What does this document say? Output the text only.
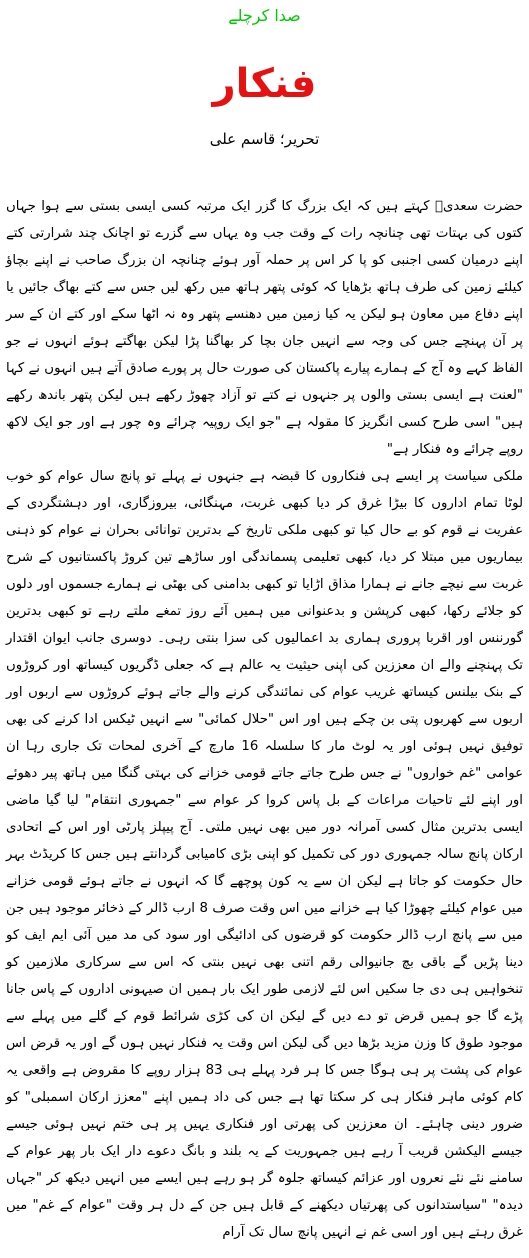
صدا کرچلے
فنکار
تحریر؛ قاسم علی

حضرت سعدیؒ کہتے ہیں کہ ایک بزرگ کا گزر ایک مرتبہ کسی ایسی بستی سے ہوا جہاں کتوں کی بہتات تھی چنانچہ رات کے وقت جب وہ یہاں سے گزرے تو اچانک چند شرارتی کتے اپنے درمیان کسی اجنبی کو پا کر اس پر حملہ آور ہوئے چنانچہ ان بزرگ صاحب نے اپنے بچاؤ کیلئے زمین کی طرف ہاتھ بڑھایا کہ کوئی پتھر ہاتھ میں رکھ لیں جس سے کتے بھاگ جائیں یا اپنے دفاع میں معاون ہو لیکن یہ کیا زمین میں دھنسے پتھر وہ نہ اٹھا سکے اور کتے ان کے سر پر آن پہنچے جس کی وجہ سے انہیں جان بچا کر بھاگنا پڑا لیکن بھاگتے ہوئے انہوں نے جو الفاظ کہے وہ آج کے ہمارے پیارے پاکستان کی صورت حال پر پورے صادق آتے ہیں انہوں نے کہا "لعنت ہے ایسی بستی والوں پر جنہوں نے کتے تو آزاد چھوڑ رکھے ہیں لیکن پتھر باندھ رکھے ہیں" اسی طرح کسی انگریز کا مقولہ ہے "جو ایک روپیہ چرائے وہ چور ہے اور جو ایک لاکھ روپے چرائے وہ فنکار ہے"

ملکی سیاست پر ایسے ہی فنکاروں کا قبضہ ہے جنہوں نے پہلے تو پانچ سال عوام کو خوب لوٹا تمام اداروں کا بیڑا غرق کر دیا کبھی غربت، مہنگائی، بیروزگاری، اور دہشتگردی کے عفریت نے قوم کو بے حال کیا تو کبھی ملکی تاریخ کے بدترین توانائی بحران نے عوام کو ذہنی بیماریوں میں مبتلا کر دیا، کبھی تعلیمی پسماندگی اور ساڑھے تین کروڑ پاکستانیوں کے شرح غربت سے نیچے جانے نے ہمارا مذاق اڑایا تو کبھی بدامنی کی بھٹی نے ہمارے جسموں اور دلوں کو جلائے رکھا، کبھی کرپشن و بدعنوانی میں ہمیں آئے روز تمغے ملتے رہے تو کبھی بدترین گورننس اور اقربا پروری ہماری بد اعمالیوں کی سزا بنتی رہی۔ دوسری جانب ایوان اقتدار تک پہنچنے والے ان معززین کی اپنی حیثیت یہ عالم ہے کہ جعلی ڈگریوں کیساتھ اور کروڑوں کے بنک بیلنس کیساتھ غریب عوام کی نمائندگی کرنے والے جاتے ہوئے کروڑوں سے اربوں اور اربوں سے کھربوں پتی بن چکے ہیں اور اس "حلال کمائی" سے انہیں ٹیکس ادا کرنے کی بھی توفیق نہیں ہوئی اور یہ لوٹ مار کا سلسلہ 16 مارچ کے آخری لمحات تک جاری رہا ان عوامی "غم خواروں" نے جس طرح جاتے جاتے قومی خزانے کی بہتی گنگا میں ہاتھ پیر دھوئے اور اپنے لئے تاحیات مراعات کے بل پاس کروا کر عوام سے "جمہوری انتقام" لیا گیا ماضی ایسی بدترین مثال کسی آمرانہ دور میں بھی نہیں ملتی۔ آج پیپلز پارٹی اور اس کے اتحادی ارکان پانچ سالہ جمہوری دور کی تکمیل کو اپنی بڑی کامیابی گردانتے ہیں جس کا کریڈٹ بہر حال حکومت کو جاتا ہے لیکن ان سے یہ کون پوچھے گا کہ انہوں نے جاتے ہوئے قومی خزانے میں عوام کیلئے چھوڑا کیا ہے خزانے میں اس وقت صرف 8 ارب ڈالر کے ذخائر موجود ہیں جن میں سے پانچ ارب ڈالر حکومت کو قرضوں کی ادائیگی اور سود کی مد میں آئی ایم ایف کو دینا پڑیں گے باقی بچ جانیوالی رقم اتنی بھی نہیں بنتی کہ اس سے سرکاری ملازمین کو تنخواہیں ہی دی جا سکیں اس لئے لازمی طور ایک بار ہمیں ان صیہونی اداروں کے پاس جانا پڑے گا جو ہمیں قرض تو دے دیں گے لیکن ان کی کڑی شرائط قوم کے گلے میں پہلے سے موجود طوق کا وزن مزید بڑھا دیں گی لیکن اس وقت یہ فنکار نہیں ہوں گے اور یہ قرض اس عوام کی پشت پر ہی ہوگا جس کا ہر فرد پہلے ہی 83 ہزار روپے کا مقروض ہے واقعی یہ کام کوئی ماہر فنکار ہی کر سکتا تھا ہے جس کی داد ہمیں اپنے "معزز ارکان اسمبلی" کو ضرور دینی چاہئے۔ ان معززین کی پھرتی اور فنکاری یہیں پر ہی ختم نہیں ہوئی جیسے جیسے الیکشن قریب آ رہے ہیں جمہوریت کے یہ بلند و بانگ دعوے دار ایک بار پھر عوام کے سامنے نئے نئے نعروں اور عزائم کیساتھ جلوہ گر ہو رہے ہیں ایسے میں انہیں دیکھ کر "جہاں دیدہ" "سیاستدانوں کی پھرتیاں دیکھنے کے قابل ہیں جن کے دل ہر وقت "عوام کے غم" میں غرق رہتے ہیں اور اسی غم نے انہیں پانچ سال تک آرام
